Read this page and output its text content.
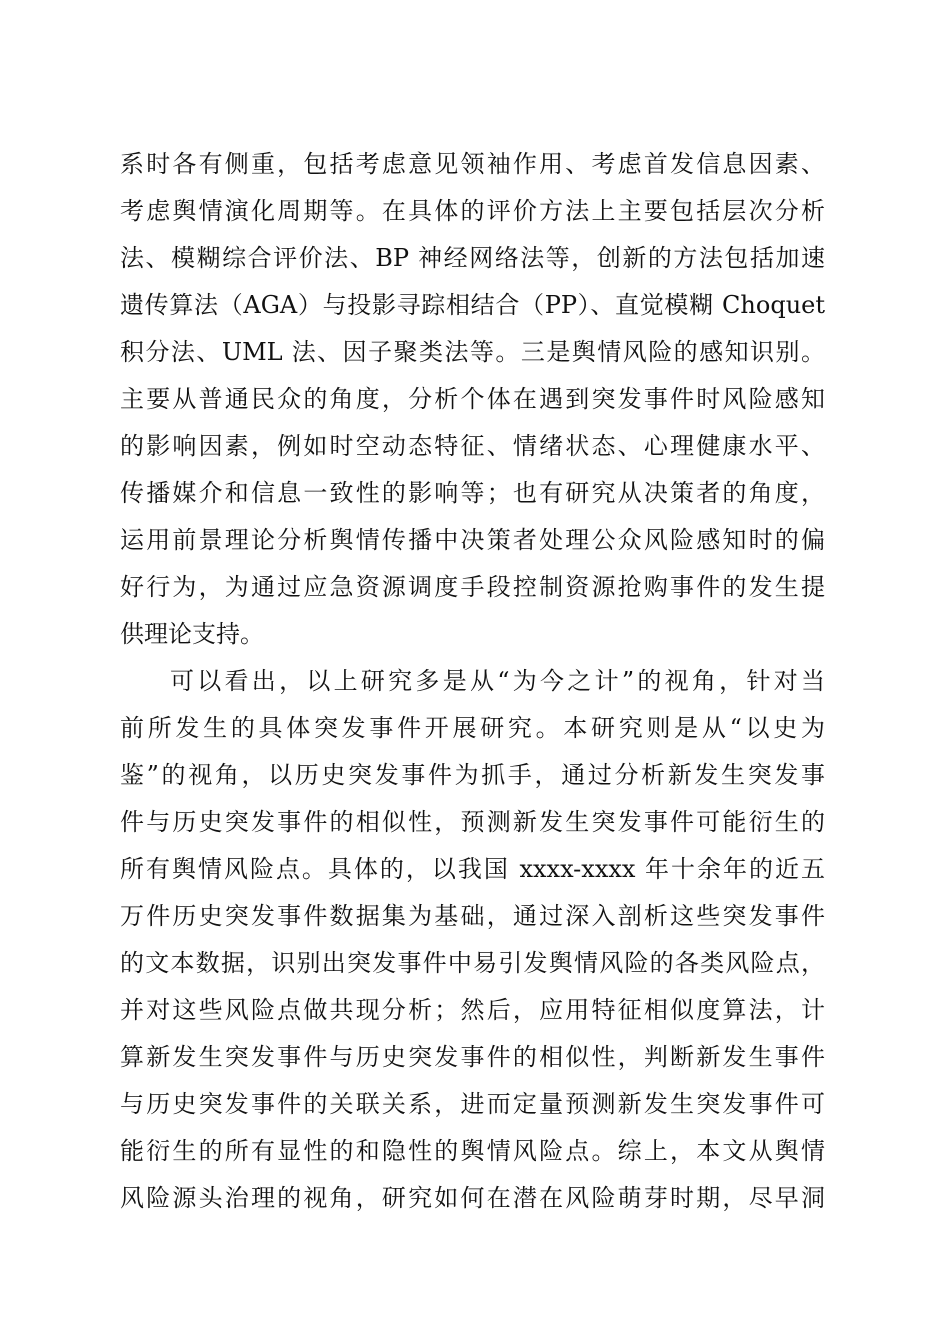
系时各有侧重，包括考虑意见领袖作用、考虑首发信息因素、
考虑舆情演化周期等。在具体的评价方法上主要包括层次分析
法、模糊综合评价法、BP 神经网络法等，创新的方法包括加速
遗传算法（AGA）与投影寻踪相结合（PP）、直觉模糊 Choquet
积分法、UML 法、因子聚类法等。三是舆情风险的感知识别。
主要从普通民众的角度，分析个体在遇到突发事件时风险感知
的影响因素，例如时空动态特征、情绪状态、心理健康水平、
传播媒介和信息一致性的影响等；也有研究从决策者的角度，
运用前景理论分析舆情传播中决策者处理公众风险感知时的偏
好行为，为通过应急资源调度手段控制资源抢购事件的发生提
供理论支持。
可以看出，以上研究多是从“为今之计”的视角，针对当
前所发生的具体突发事件开展研究。本研究则是从“以史为
鉴”的视角，以历史突发事件为抓手，通过分析新发生突发事
件与历史突发事件的相似性，预测新发生突发事件可能衍生的
所有舆情风险点。具体的，以我国 xxxx-xxxx 年十余年的近五
万件历史突发事件数据集为基础，通过深入剖析这些突发事件
的文本数据，识别出突发事件中易引发舆情风险的各类风险点，
并对这些风险点做共现分析；然后，应用特征相似度算法，计
算新发生突发事件与历史突发事件的相似性，判断新发生事件
与历史突发事件的关联关系，进而定量预测新发生突发事件可
能衍生的所有显性的和隐性的舆情风险点。综上，本文从舆情
风险源头治理的视角，研究如何在潜在风险萌芽时期，尽早洞
